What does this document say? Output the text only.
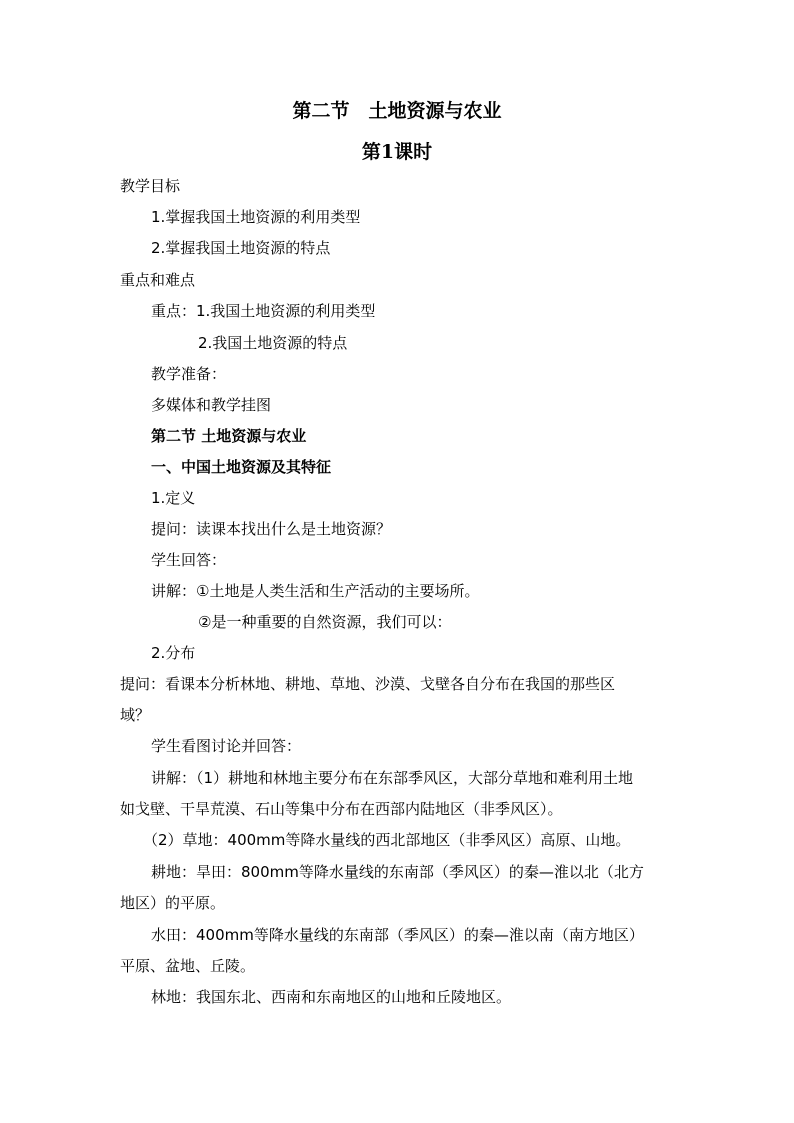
第二节　土地资源与农业
第1课时
教学目标
1.掌握我国土地资源的利用类型
2.掌握我国土地资源的特点
重点和难点
重点：1.我国土地资源的利用类型
2.我国土地资源的特点
教学准备：
多媒体和教学挂图
第二节 土地资源与农业
一、中国土地资源及其特征
1.定义
提问：读课本找出什么是土地资源？
学生回答：
讲解：①土地是人类生活和生产活动的主要场所。
②是一种重要的自然资源，我们可以：
2.分布
提问：看课本分析林地、耕地、草地、沙漠、戈壁各自分布在我国的那些区
域？
学生看图讨论并回答：
讲解：（1）耕地和林地主要分布在东部季风区，大部分草地和难利用土地
如戈壁、干旱荒漠、石山等集中分布在西部内陆地区（非季风区）。
（2）草地：400mm等降水量线的西北部地区（非季风区）高原、山地。
耕地：旱田：800mm等降水量线的东南部（季风区）的秦—淮以北（北方
地区）的平原。
水田：400mm等降水量线的东南部（季风区）的秦—淮以南（南方地区）
平原、盆地、丘陵。
林地：我国东北、西南和东南地区的山地和丘陵地区。
